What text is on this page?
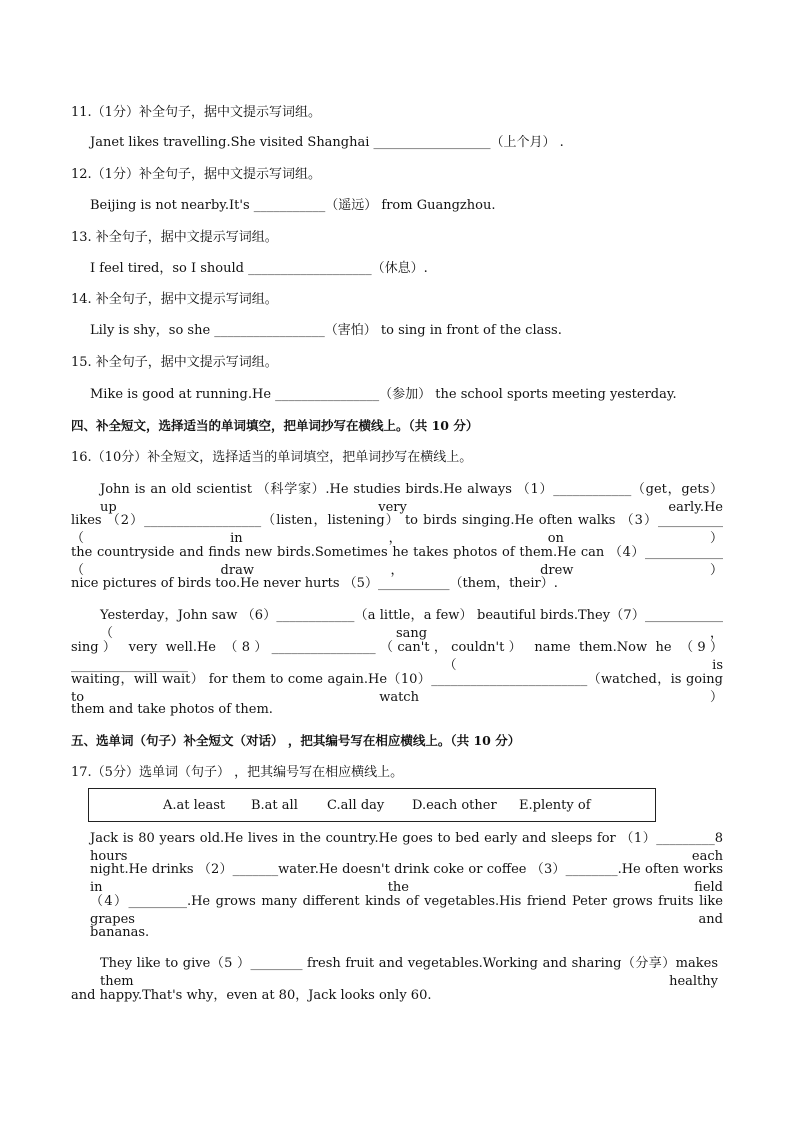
11.（1分）补全句子，据中文提示写词组。
Janet likes travelling.She visited Shanghai __________________（上个月） .
12.（1分）补全句子，据中文提示写词组。
Beijing is not nearby.It's ___________（遥远） from Guangzhou.
13. 补全句子，据中文提示写词组。
I feel tired，so I should ___________________（休息）.
14. 补全句子，据中文提示写词组。
Lily is shy，so she _________________（害怕） to sing in front of the class.
15. 补全句子，据中文提示写词组。
Mike is good at running.He ________________（参加） the school sports meeting yesterday.
四、补全短文，选择适当的单词填空，把单词抄写在横线上。（共 10 分）
16.（10分）补全短文，选择适当的单词填空，把单词抄写在横线上。
John is an old scientist （科学家）.He studies birds.He always （1）____________（get，gets） up very early.He
likes （2）__________________（listen，listening） to birds singing.He often walks （3）__________（in，on）
the countryside and finds new birds.Sometimes he takes photos of them.He can （4）____________（draw，drew）
nice pictures of birds too.He never hurts （5）___________（them，their）.
Yesterday，John saw （6）____________（a little，a few） beautiful birds.They（7）____________（sang，
sing） very well.He （8）________________（can't，couldn't） name them.Now he （9）__________________（is
waiting，will wait） for them to come again.He（10）________________________（watched，is going to watch）
them and take photos of them.
五、选单词（句子）补全短文（对话） ，把其编号写在相应横线上。（共 10 分）
17.（5分）选单词（句子） ，把其编号写在相应横线上。
A.at least B.at all C.all day D.each other E.plenty of
Jack is 80 years old.He lives in the country.He goes to bed early and sleeps for （1）_________8 hours each
night.He drinks （2）_______water.He doesn't drink coke or coffee （3）________.He often works in the field
（4）_________.He grows many different kinds of vegetables.His friend Peter grows fruits like grapes and
bananas.
They like to give（5 ）________ fresh fruit and vegetables.Working and sharing（分享）makes them healthy
and happy.That's why，even at 80，Jack looks only 60.
